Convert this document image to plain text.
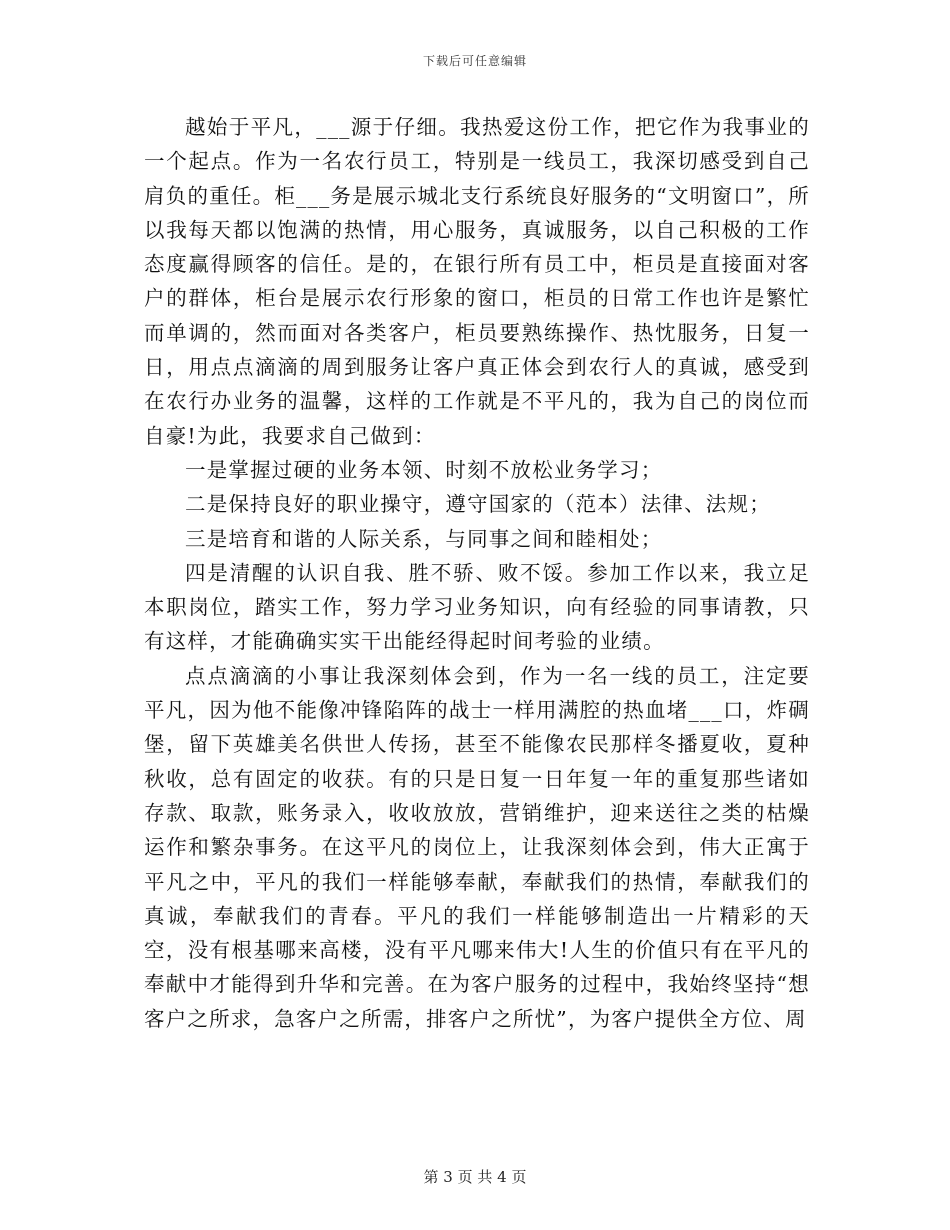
下载后可任意编辑

越始于平凡，___源于仔细。我热爱这份工作，把它作为我事业的一个起点。作为一名农行员工，特别是一线员工，我深切感受到自己肩负的重任。柜___务是展示城北支行系统良好服务的“文明窗口”，所以我每天都以饱满的热情，用心服务，真诚服务，以自己积极的工作态度赢得顾客的信任。是的，在银行所有员工中，柜员是直接面对客户的群体，柜台是展示农行形象的窗口，柜员的日常工作也许是繁忙而单调的，然而面对各类客户，柜员要熟练操作、热忱服务，日复一日，用点点滴滴的周到服务让客户真正体会到农行人的真诚，感受到在农行办业务的温馨，这样的工作就是不平凡的，我为自己的岗位而自豪!为此，我要求自己做到：

一是掌握过硬的业务本领、时刻不放松业务学习；

二是保持良好的职业操守，遵守国家的（范本）法律、法规；

三是培育和谐的人际关系，与同事之间和睦相处；

四是清醒的认识自我、胜不骄、败不馁。参加工作以来，我立足本职岗位，踏实工作，努力学习业务知识，向有经验的同事请教，只有这样，才能确确实实干出能经得起时间考验的业绩。

点点滴滴的小事让我深刻体会到，作为一名一线的员工，注定要平凡，因为他不能像冲锋陷阵的战士一样用满腔的热血堵___口，炸碉堡，留下英雄美名供世人传扬，甚至不能像农民那样冬播夏收，夏种秋收，总有固定的收获。有的只是日复一日年复一年的重复那些诸如存款、取款，账务录入，收收放放，营销维护，迎来送往之类的枯燥运作和繁杂事务。在这平凡的岗位上，让我深刻体会到，伟大正寓于平凡之中，平凡的我们一样能够奉献，奉献我们的热情，奉献我们的真诚，奉献我们的青春。平凡的我们一样能够制造出一片精彩的天空，没有根基哪来高楼，没有平凡哪来伟大!人生的价值只有在平凡的奉献中才能得到升华和完善。在为客户服务的过程中，我始终坚持“想客户之所求，急客户之所需，排客户之所忧”，为客户提供全方位、周

第 3 页 共 4 页
